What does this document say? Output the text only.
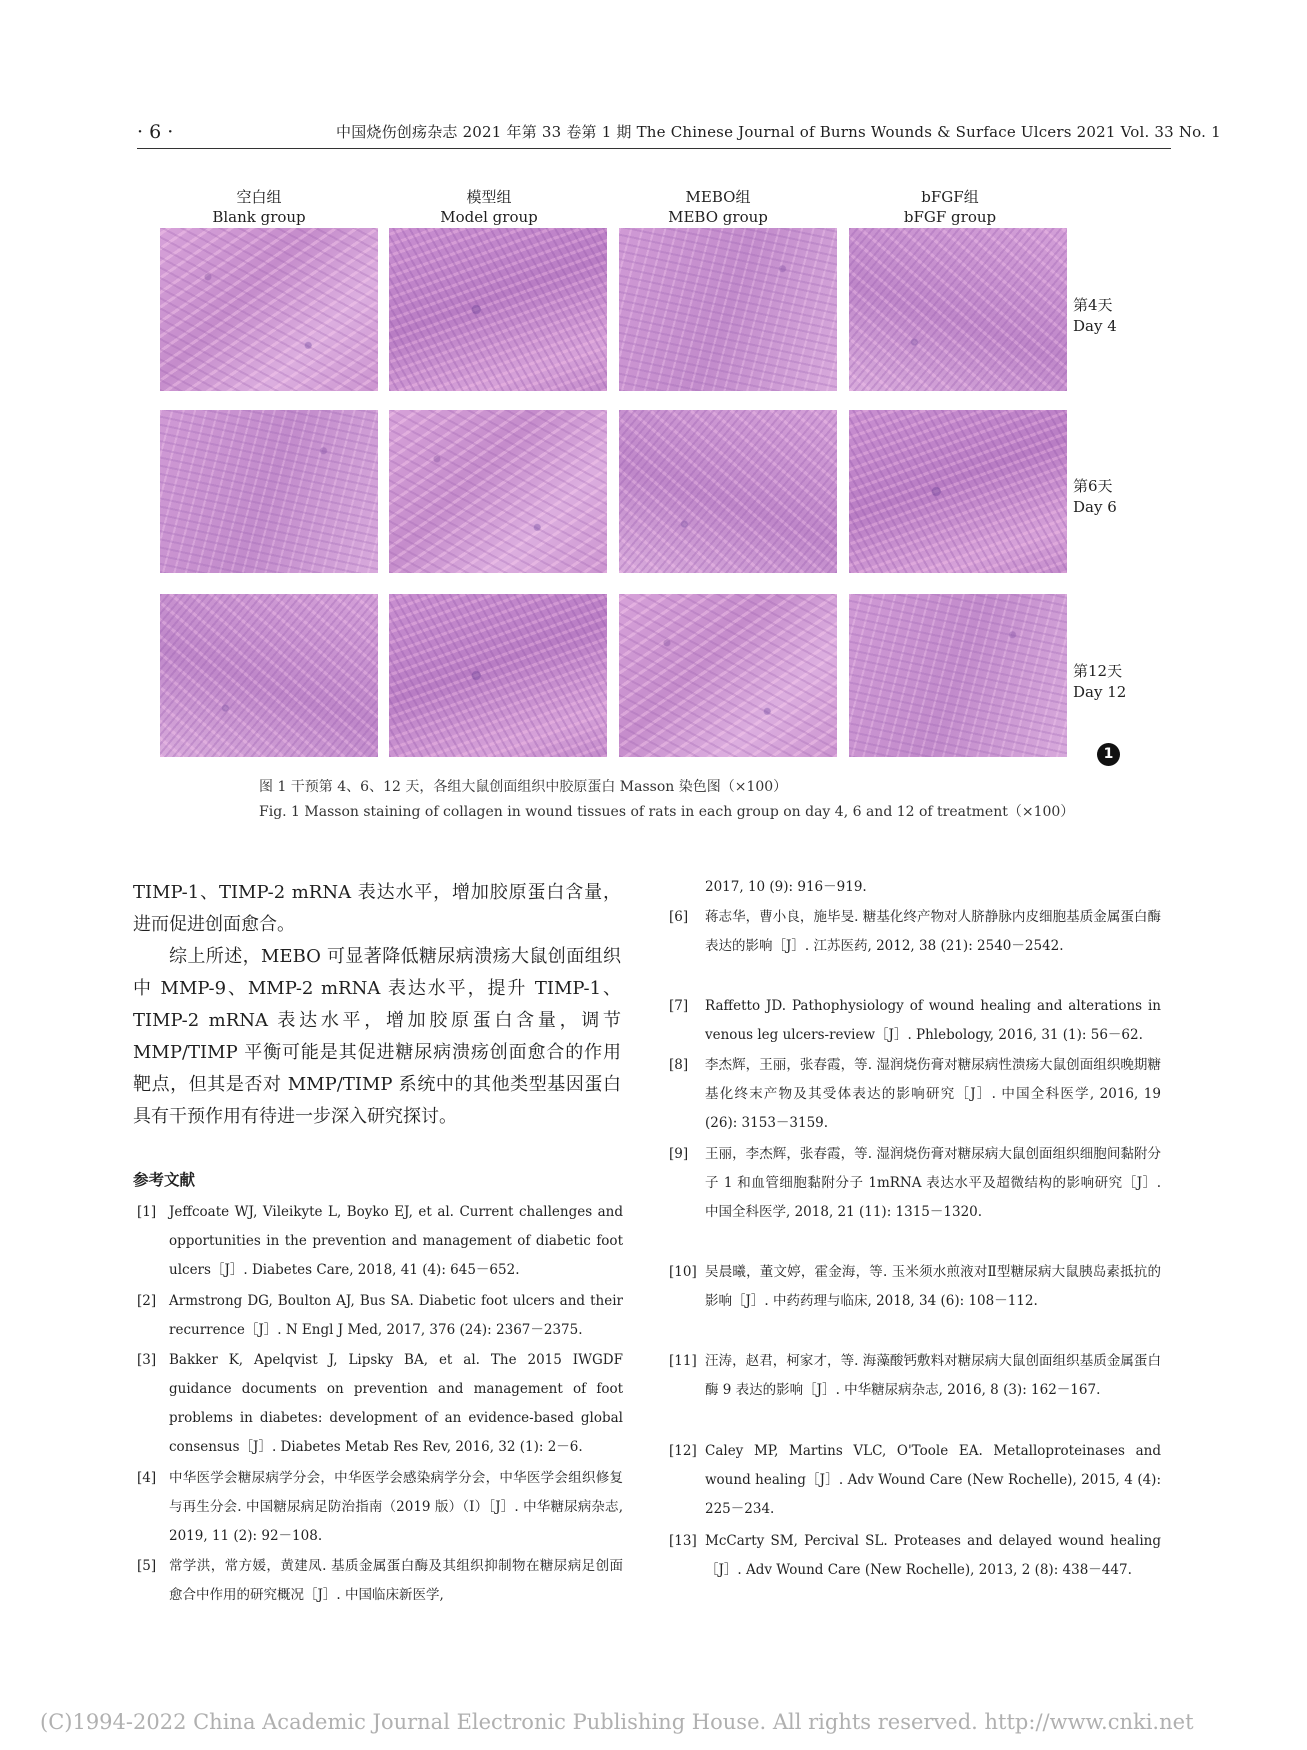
· 6 ·	中国烧伤创疡杂志 2021 年第 33 卷第 1 期 The Chinese Journal of Burns Wounds & Surface Ulcers 2021 Vol. 33 No. 1
空白组
Blank group
模型组
Model group
MEBO组
MEBO group
bFGF组
bFGF group
第4天
Day 4
第6天
Day 6
第12天
Day 12
1
图 1 干预第 4、6、12 天，各组大鼠创面组织中胶原蛋白 Masson 染色图（×100）
Fig. 1 Masson staining of collagen in wound tissues of rats in each group on day 4, 6 and 12 of treatment（×100）

TIMP-1、TIMP-2 mRNA 表达水平，增加胶原蛋白含量，进而促进创面愈合。

综上所述，MEBO 可显著降低糖尿病溃疡大鼠创面组织中 MMP-9、MMP-2 mRNA 表达水平，提升 TIMP-1、TIMP-2 mRNA 表达水平，增加胶原蛋白含量，调节 MMP/TIMP 平衡可能是其促进糖尿病溃疡创面愈合的作用靶点，但其是否对 MMP/TIMP 系统中的其他类型基因蛋白具有干预作用有待进一步深入研究探讨。

参考文献
[1] Jeffcoate WJ, Vileikyte L, Boyko EJ, et al. Current challenges and opportunities in the prevention and management of diabetic foot ulcers［J］. Diabetes Care, 2018, 41 (4): 645－652.
[2] Armstrong DG, Boulton AJ, Bus SA. Diabetic foot ulcers and their recurrence［J］. N Engl J Med, 2017, 376 (24): 2367－2375.
[3] Bakker K, Apelqvist J, Lipsky BA, et al. The 2015 IWGDF guidance documents on prevention and management of foot problems in diabetes: development of an evidence-based global consensus［J］. Diabetes Metab Res Rev, 2016, 32 (1): 2－6.
[4] 中华医学会糖尿病学分会，中华医学会感染病学分会，中华医学会组织修复与再生分会. 中国糖尿病足防治指南（2019 版）（Ⅰ）［J］. 中华糖尿病杂志, 2019, 11 (2): 92－108.
[5] 常学洪，常方媛，黄建凤. 基质金属蛋白酶及其组织抑制物在糖尿病足创面愈合中作用的研究概况［J］. 中国临床新医学,
2017, 10 (9): 916－919.
[6] 蒋志华，曹小良，施毕旻. 糖基化终产物对人脐静脉内皮细胞基质金属蛋白酶表达的影响［J］. 江苏医药, 2012, 38 (21): 2540－2542.
[7] Raffetto JD. Pathophysiology of wound healing and alterations in venous leg ulcers-review［J］. Phlebology, 2016, 31 (1): 56－62.
[8] 李杰辉，王丽，张春霞，等. 湿润烧伤膏对糖尿病性溃疡大鼠创面组织晚期糖基化终末产物及其受体表达的影响研究［J］. 中国全科医学, 2016, 19 (26): 3153－3159.
[9] 王丽，李杰辉，张春霞，等. 湿润烧伤膏对糖尿病大鼠创面组织细胞间黏附分子 1 和血管细胞黏附分子 1mRNA 表达水平及超微结构的影响研究［J］. 中国全科医学, 2018, 21 (11): 1315－1320.
[10] 吴晨曦，董文婷，霍金海，等. 玉米须水煎液对Ⅱ型糖尿病大鼠胰岛素抵抗的影响［J］. 中药药理与临床, 2018, 34 (6): 108－112.
[11] 汪涛，赵君，柯家才，等. 海藻酸钙敷料对糖尿病大鼠创面组织基质金属蛋白酶 9 表达的影响［J］. 中华糖尿病杂志, 2016, 8 (3): 162－167.
[12] Caley MP, Martins VLC, O'Toole EA. Metalloproteinases and wound healing［J］. Adv Wound Care (New Rochelle), 2015, 4 (4): 225－234.
[13] McCarty SM, Percival SL. Proteases and delayed wound healing［J］. Adv Wound Care (New Rochelle), 2013, 2 (8): 438－447.
(C)1994-2022 China Academic Journal Electronic Publishing House. All rights reserved. http://www.cnki.net
